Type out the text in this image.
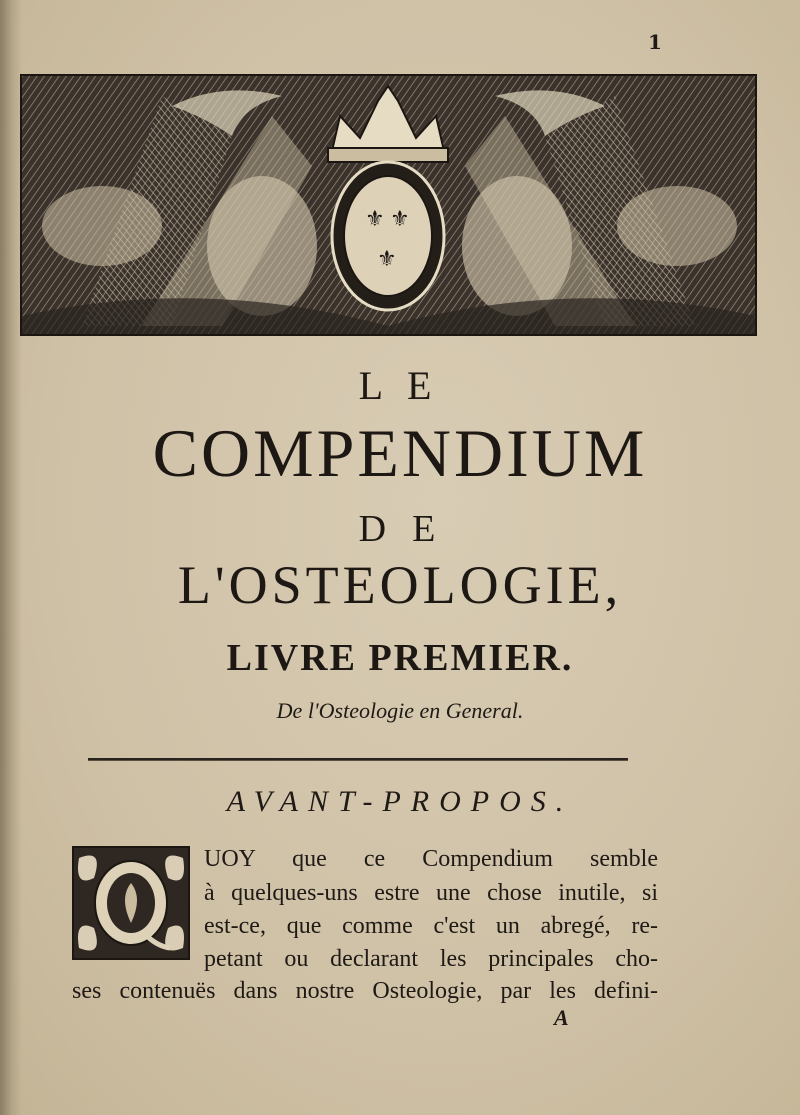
1
⚜ ⚜
⚜
LE
COMPENDIUM
DE
L'OSTEOLOGIE,
LIVRE PREMIER.
De l'Osteologie en General.
AVANT-PROPOS.
UOY que ce Compendium semble
à quelques-uns estre une chose inutile, si
est-ce, que comme c'est un abregé, re-
petant ou declarant les principales cho-
ses contenuës dans nostre Osteologie, par les defini-
A
